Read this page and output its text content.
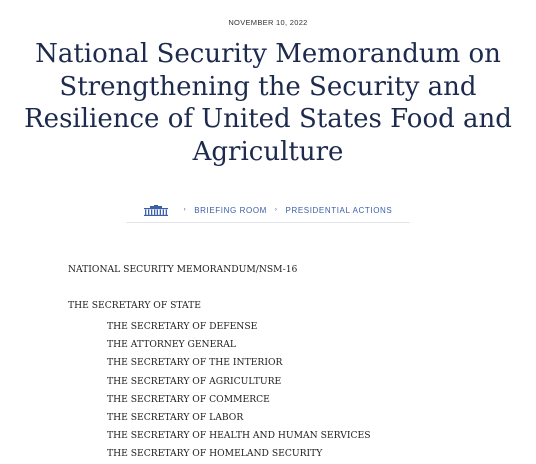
NOVEMBER 10, 2022
National Security Memorandum on Strengthening the Security and Resilience of United States Food and Agriculture
› BRIEFING ROOM › PRESIDENTIAL ACTIONS
NATIONAL SECURITY MEMORANDUM/NSM-16
THE SECRETARY OF STATE
THE SECRETARY OF DEFENSE
THE ATTORNEY GENERAL
THE SECRETARY OF THE INTERIOR
THE SECRETARY OF AGRICULTURE
THE SECRETARY OF COMMERCE
THE SECRETARY OF LABOR
THE SECRETARY OF HEALTH AND HUMAN SERVICES
THE SECRETARY OF HOMELAND SECURITY
